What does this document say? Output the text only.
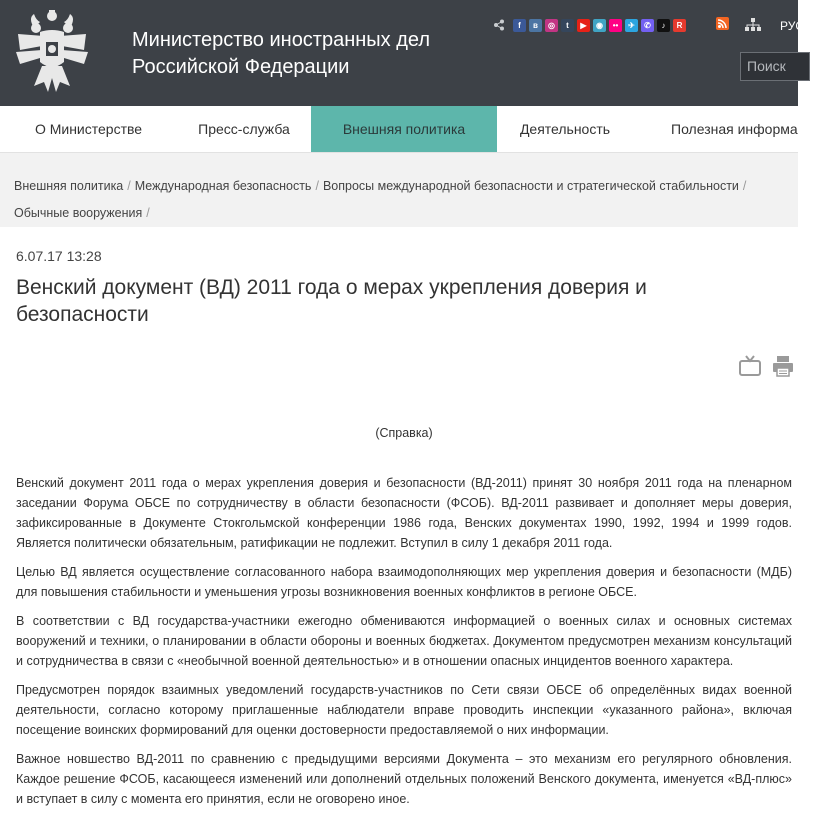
Министерство иностранных дел
Российской Федерации
f	в	◎	t	▶	◉	••	✈	✆	♪	R	РУС
Поиск
О Министерстве	Пресс-служба	Внешняя политика	Деятельность	Полезная информа
Внешняя политика / Международная безопасность / Вопросы международной безопасности и стратегической стабильности /
Обычные вооружения /
6.07.17 13:28
Венский документ (ВД) 2011 года о мерах укрепления доверия и безопасности
(Справка)

Венский документ 2011 года о мерах укрепления доверия и безопасности (ВД-2011) принят 30 ноября 2011 года на пленарном заседании Форума ОБСЕ по сотрудничеству в области безопасности (ФСОБ). ВД-2011 развивает и дополняет меры доверия, зафиксированные в Документе Стокгольмской конференции 1986 года, Венских документах 1990, 1992, 1994 и 1999 годов. Является политически обязательным, ратификации не подлежит. Вступил в силу 1 декабря 2011 года.

Целью ВД является осуществление согласованного набора взаимодополняющих мер укрепления доверия и безопасности (МДБ) для повышения стабильности и уменьшения угрозы возникновения военных конфликтов в регионе ОБСЕ.

В соответствии с ВД государства-участники ежегодно обмениваются информацией о военных силах и основных системах вооружений и техники, о планировании в области обороны и военных бюджетах. Документом предусмотрен механизм консультаций и сотрудничества в связи с «необычной военной деятельностью» и в отношении опасных инцидентов военного характера.

Предусмотрен порядок взаимных уведомлений государств-участников по Сети связи ОБСЕ об определённых видах военной деятельности, согласно которому приглашенные наблюдатели вправе проводить инспекции «указанного района», включая посещение воинских формирований для оценки достоверности предоставляемой о них информации.

Важное новшество ВД-2011 по сравнению с предыдущими версиями Документа – это механизм его регулярного обновления. Каждое решение ФСОБ, касающееся изменений или дополнений отдельных положений Венского документа, именуется «ВД-плюс» и вступает в силу с момента его принятия, если не оговорено иное.
